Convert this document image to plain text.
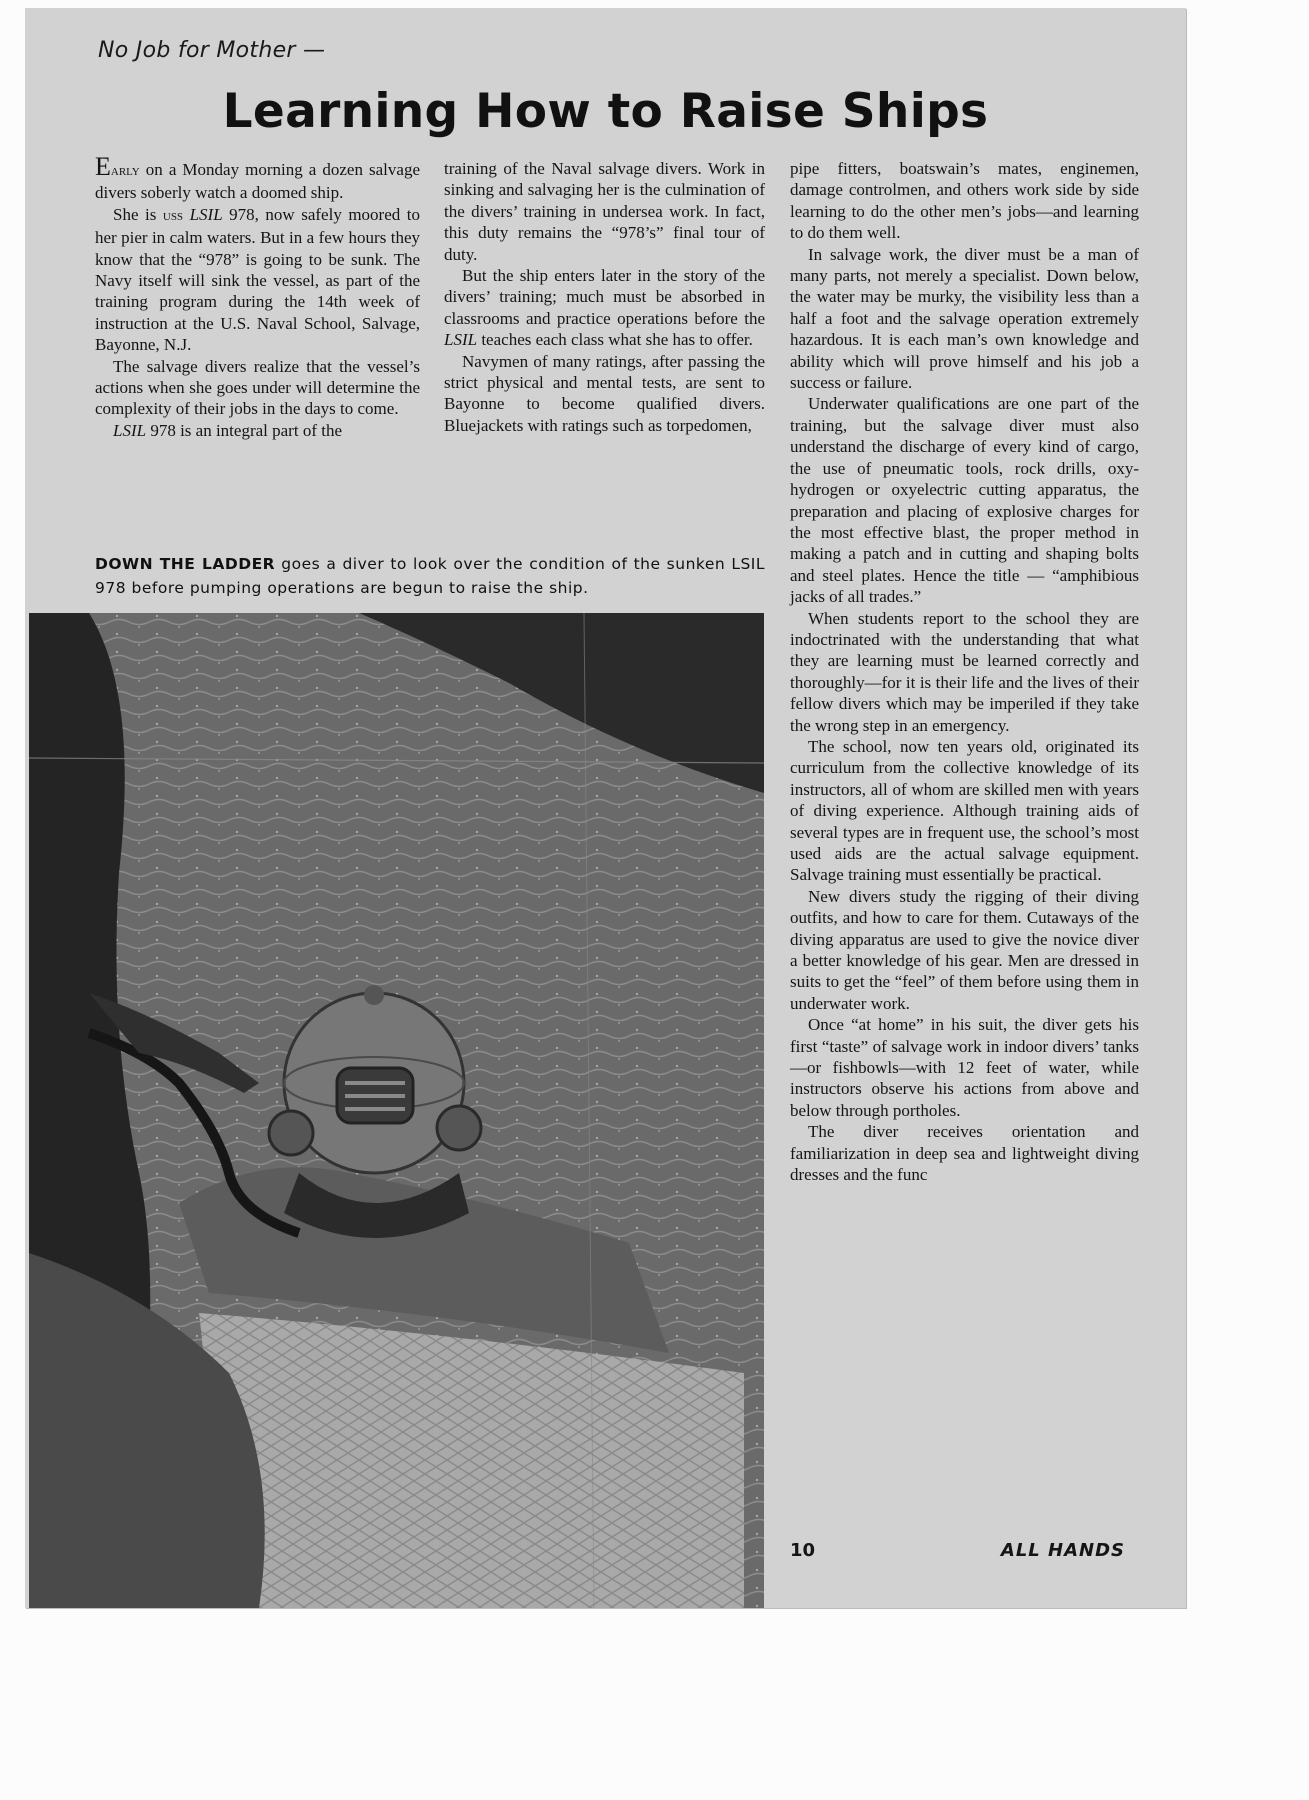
No Job for Mother —
Learning How to Raise Ships

Early on a Monday morning a dozen salvage divers soberly watch a doomed ship.

She is uss LSIL 978, now safely moored to her pier in calm waters. But in a few hours they know that the “978” is going to be sunk. The Navy itself will sink the vessel, as part of the training program during the 14th week of instruction at the U.S. Naval School, Salvage, Bayonne, N.J.

The salvage divers realize that the vessel’s actions when she goes under will determine the complexity of their jobs in the days to come.

LSIL 978 is an integral part of the

training of the Naval salvage divers. Work in sinking and salvaging her is the culmination of the divers’ training in undersea work. In fact, this duty remains the “978’s” final tour of duty.

But the ship enters later in the story of the divers’ training; much must be absorbed in classrooms and practice operations before the LSIL teaches each class what she has to offer.

Navymen of many ratings, after passing the strict physical and mental tests, are sent to Bayonne to become qualified divers. Bluejackets with ratings such as torpedomen,

pipe fitters, boatswain’s mates, enginemen, damage controlmen, and others work side by side learning to do the other men’s jobs—and learning to do them well.

In salvage work, the diver must be a man of many parts, not merely a specialist. Down below, the water may be murky, the visibility less than a half a foot and the salvage operation extremely hazardous. It is each man’s own knowledge and ability which will prove himself and his job a success or failure.

Underwater qualifications are one part of the training, but the salvage diver must also understand the discharge of every kind of cargo, the use of pneumatic tools, rock drills, oxy-hydrogen or oxyelectric cutting apparatus, the preparation and placing of explosive charges for the most effective blast, the proper method in making a patch and in cutting and shaping bolts and steel plates. Hence the title — “amphibious jacks of all trades.”

When students report to the school they are indoctrinated with the understanding that what they are learning must be learned correctly and thoroughly—for it is their life and the lives of their fellow divers which may be imperiled if they take the wrong step in an emergency.

The school, now ten years old, originated its curriculum from the collective knowledge of its instructors, all of whom are skilled men with years of diving experience. Although training aids of several types are in frequent use, the school’s most used aids are the actual salvage equipment. Salvage training must essentially be practical.

New divers study the rigging of their diving outfits, and how to care for them. Cutaways of the diving apparatus are used to give the novice diver a better knowledge of his gear. Men are dressed in suits to get the “feel” of them before using them in underwater work.

Once “at home” in his suit, the diver gets his first “taste” of salvage work in indoor divers’ tanks—or fishbowls—with 12 feet of water, while instructors observe his actions from above and below through portholes.

The diver receives orientation and familiarization in deep sea and lightweight diving dresses and the func

DOWN THE LADDER goes a diver to look over the condition of the sunken LSIL 978 before pumping operations are begun to raise the ship.

10	ALL HANDS
